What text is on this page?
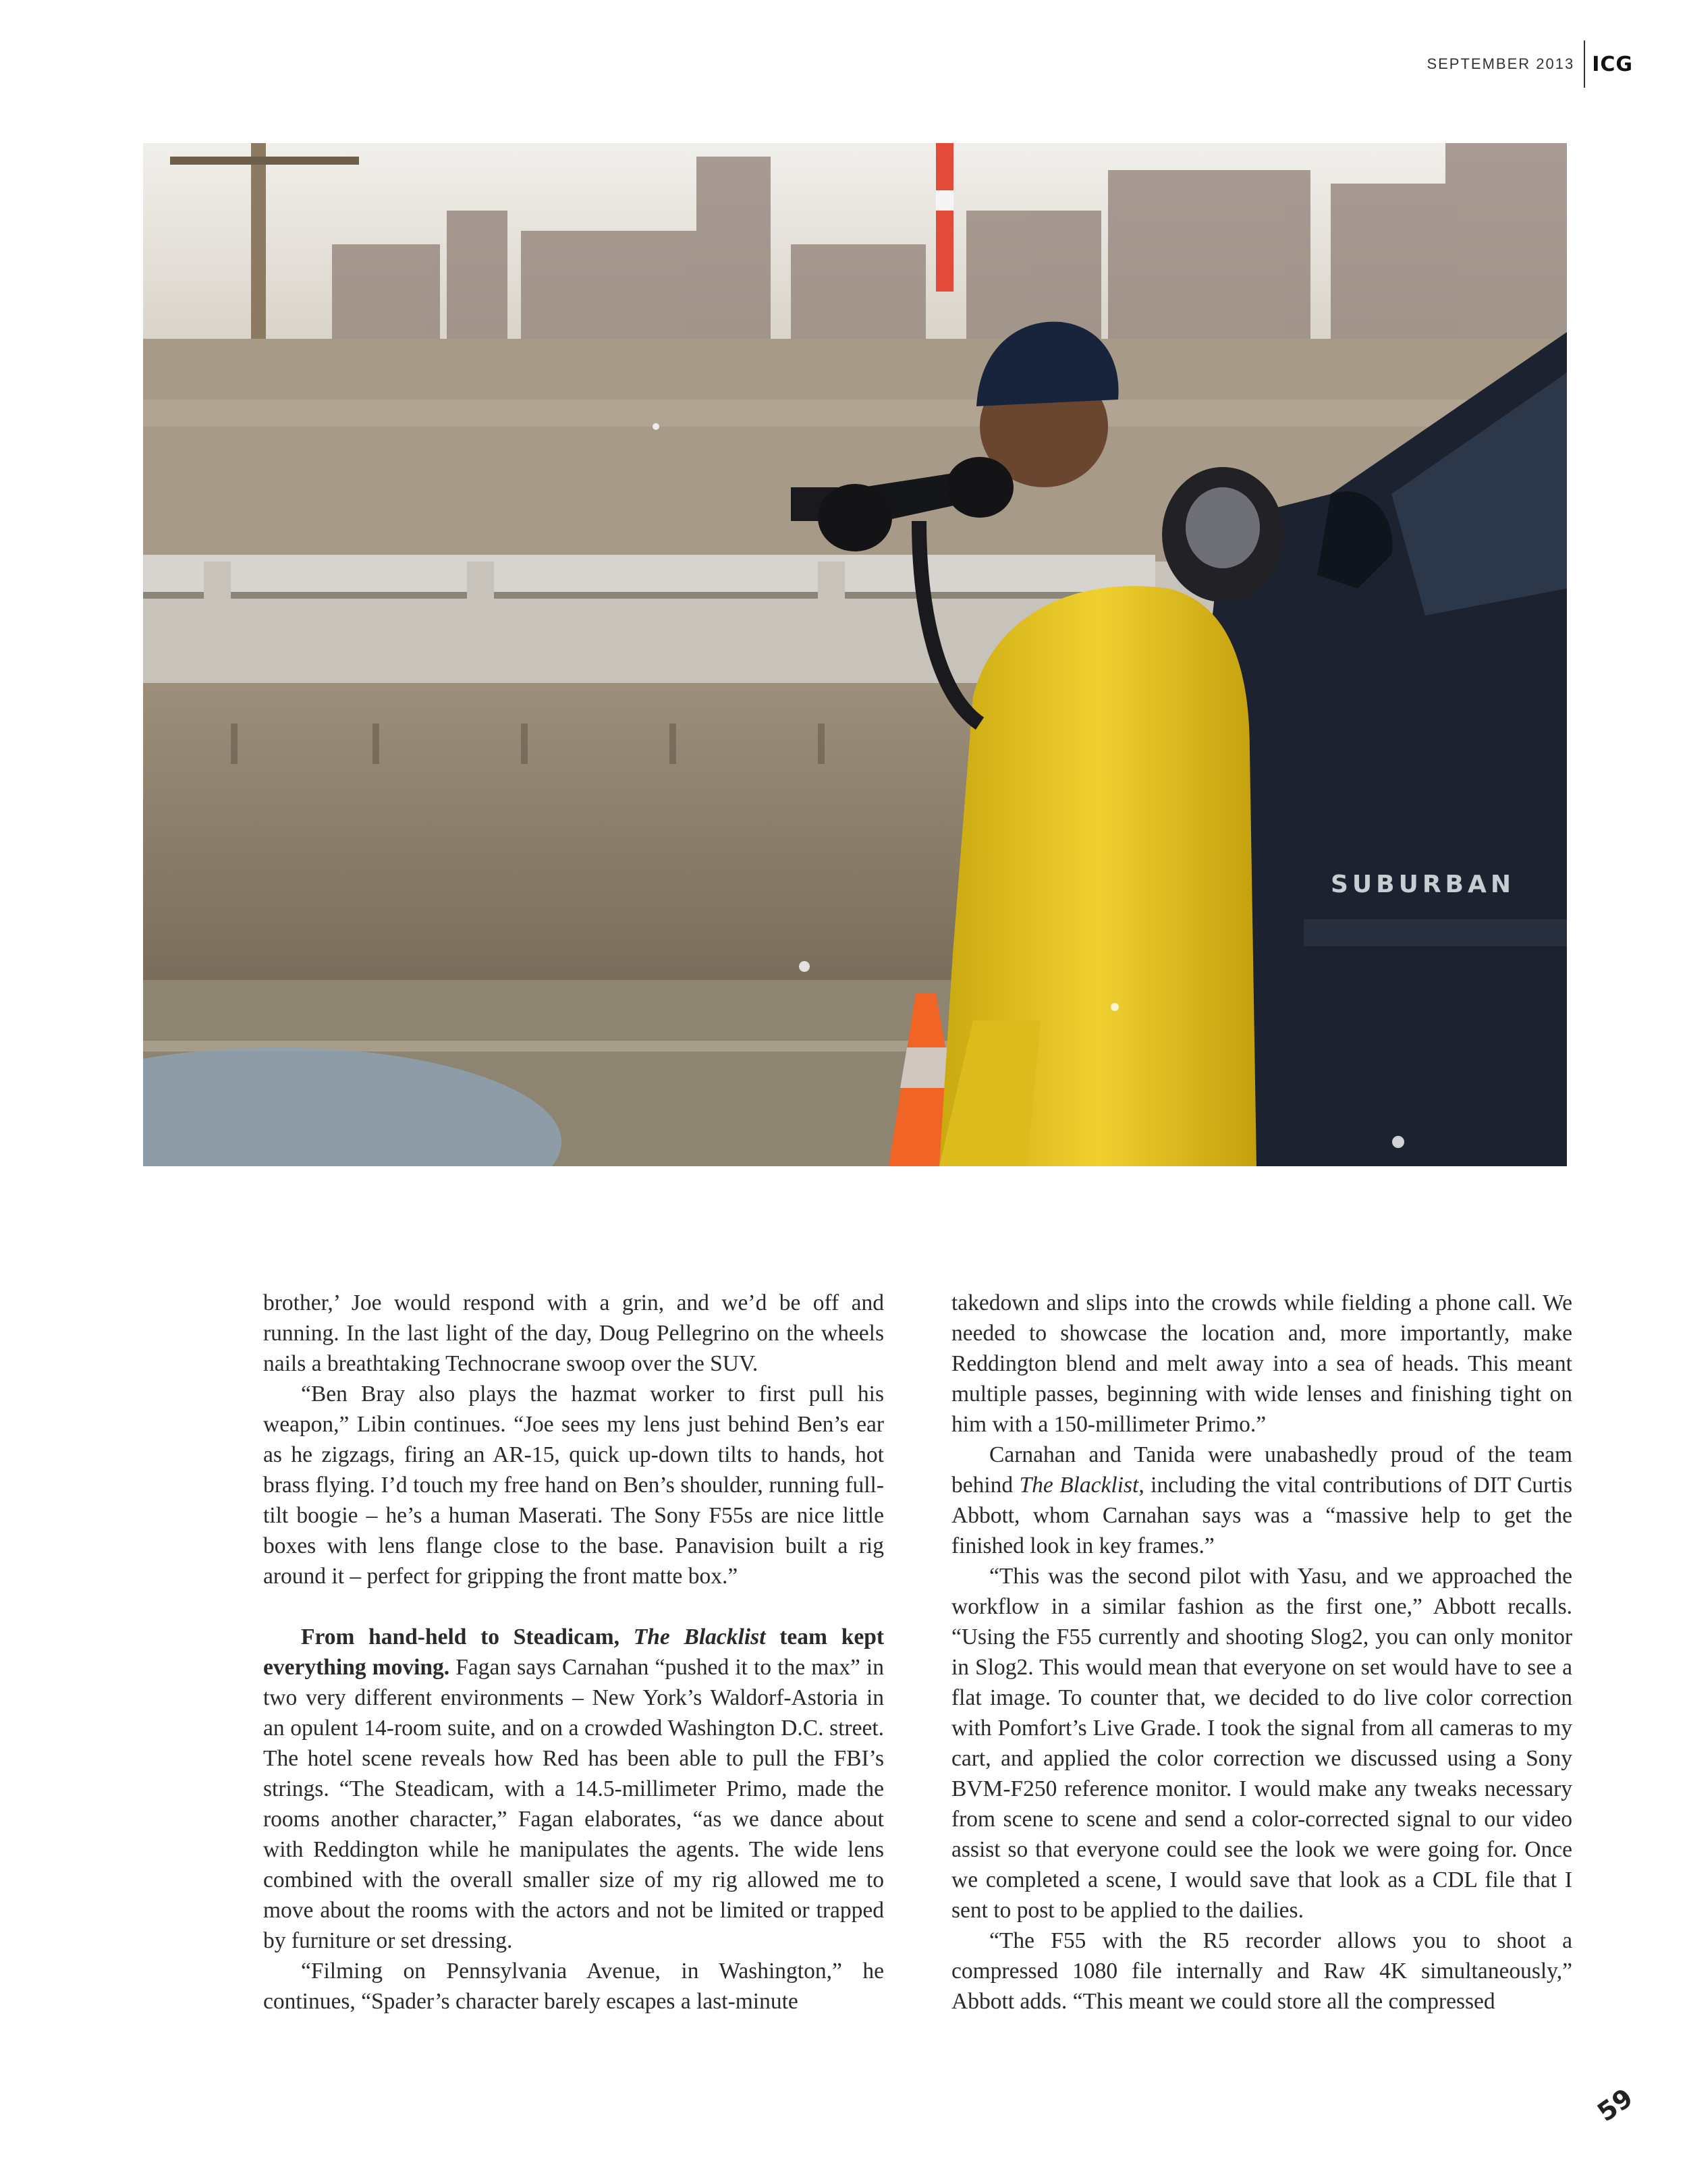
SEPTEMBER 2013 ICG
SUBURBAN

brother,’ Joe would respond with a grin, and we’d be off and running. In the last light of the day, Doug Pellegrino on the wheels nails a breathtaking Technocrane swoop over the SUV.

“Ben Bray also plays the hazmat worker to first pull his weapon,” Libin continues. “Joe sees my lens just behind Ben’s ear as he zigzags, firing an AR-15, quick up-down tilts to hands, hot brass flying. I’d touch my free hand on Ben’s shoulder, running full-tilt boogie – he’s a human Maserati. The Sony F55s are nice little boxes with lens flange close to the base. Panavision built a rig around it – perfect for gripping the front matte box.”

From hand-held to Steadicam, The Blacklist team kept everything moving. Fagan says Carnahan “pushed it to the max” in two very different environments – New York’s Waldorf-Astoria in an opulent 14-room suite, and on a crowded Washington D.C. street. The hotel scene reveals how Red has been able to pull the FBI’s strings. “The Steadicam, with a 14.5-millimeter Primo, made the rooms another character,” Fagan elaborates, “as we dance about with Reddington while he manipulates the agents. The wide lens combined with the overall smaller size of my rig allowed me to move about the rooms with the actors and not be limited or trapped by furniture or set dressing.

“Filming on Pennsylvania Avenue, in Washington,” he continues, “Spader’s character barely escapes a last-minute

takedown and slips into the crowds while fielding a phone call. We needed to showcase the location and, more importantly, make Reddington blend and melt away into a sea of heads. This meant multiple passes, beginning with wide lenses and finishing tight on him with a 150-millimeter Primo.”

Carnahan and Tanida were unabashedly proud of the team behind The Blacklist, including the vital contributions of DIT Curtis Abbott, whom Carnahan says was a “massive help to get the finished look in key frames.”

“This was the second pilot with Yasu, and we approached the workflow in a similar fashion as the first one,” Abbott recalls. “Using the F55 currently and shooting Slog2, you can only monitor in Slog2. This would mean that everyone on set would have to see a flat image. To counter that, we decided to do live color correction with Pomfort’s Live Grade. I took the signal from all cameras to my cart, and applied the color correction we discussed using a Sony BVM-F250 reference monitor. I would make any tweaks necessary from scene to scene and send a color-corrected signal to our video assist so that everyone could see the look we were going for. Once we completed a scene, I would save that look as a CDL file that I sent to post to be applied to the dailies.

“The F55 with the R5 recorder allows you to shoot a compressed 1080 file internally and Raw 4K simultaneously,” Abbott adds. “This meant we could store all the compressed

59
